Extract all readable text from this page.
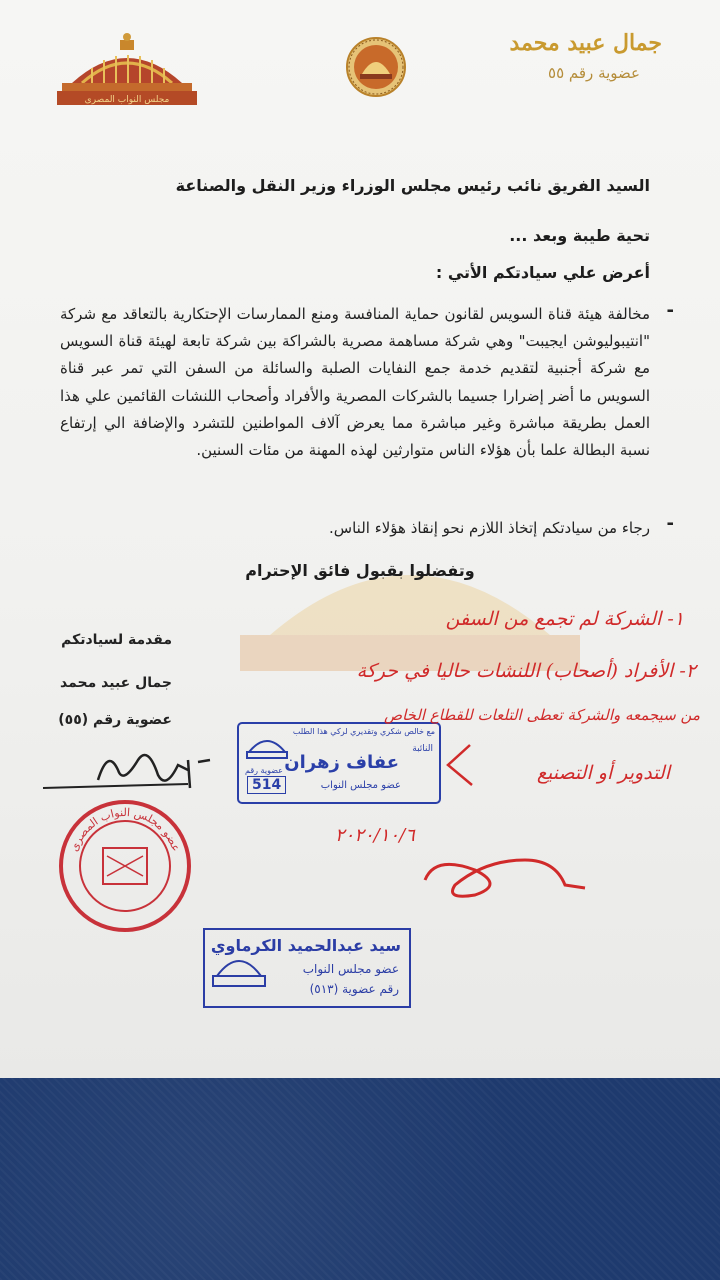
مجلس النواب المصرى
جمال عبيد محمد
عضوية رقم ٥٥
السيد الفريق نائب رئيس مجلس الوزراء وزير النقل والصناعة
تحية طيبة وبعد ...
أعرض علي سيادتكم الأتي :
-
مخالفة هيئة قناة السويس لقانون حماية المنافسة ومنع الممارسات الإحتكارية بالتعاقد مع شركة "انتيبوليوشن ايجيبت" وهي شركة مساهمة مصرية بالشراكة بين شركة تابعة لهيئة قناة السويس مع شركة أجنبية لتقديم خدمة جمع النفايات الصلبة والسائلة من السفن التي تمر عبر قناة السويس ما أضر إضرارا جسيما بالشركات المصرية والأفراد وأصحاب اللنشات القائمين علي هذا العمل بطريقة مباشرة وغير مباشرة مما يعرض آلاف المواطنين للتشرد والإضافة الي إرتفاع نسبة البطالة علما بأن هؤلاء الناس متوارثين لهذه المهنة من مئات السنين.
-
رجاء من سيادتكم إتخاذ اللازم نحو إنقاذ هؤلاء الناس.
وتفضلوا بقبول فائق الإحترام
مقدمة لسيادتكم
جمال عبيد محمد
عضوية رقم (٥٥)
عضو مجلس النواب المصرى
مع خالص شكري وتقديري لركي هذا الطلب
النائبة
عفاف زهران
عضو مجلس النواب
عضوية رقم
514
سيد عبدالحميد الكرماوي
عضو مجلس النواب
رقم عضوية (٥١٣)
١- الشركة لم تجمع من السفن
٢- الأفراد (أصحاب) اللنشات حاليا في حركة
من سيجمعه والشركة تعطى التلعات للقطاع الخاص
التدوير أو التصنيع
٢٠٢٠/١٠/٦
